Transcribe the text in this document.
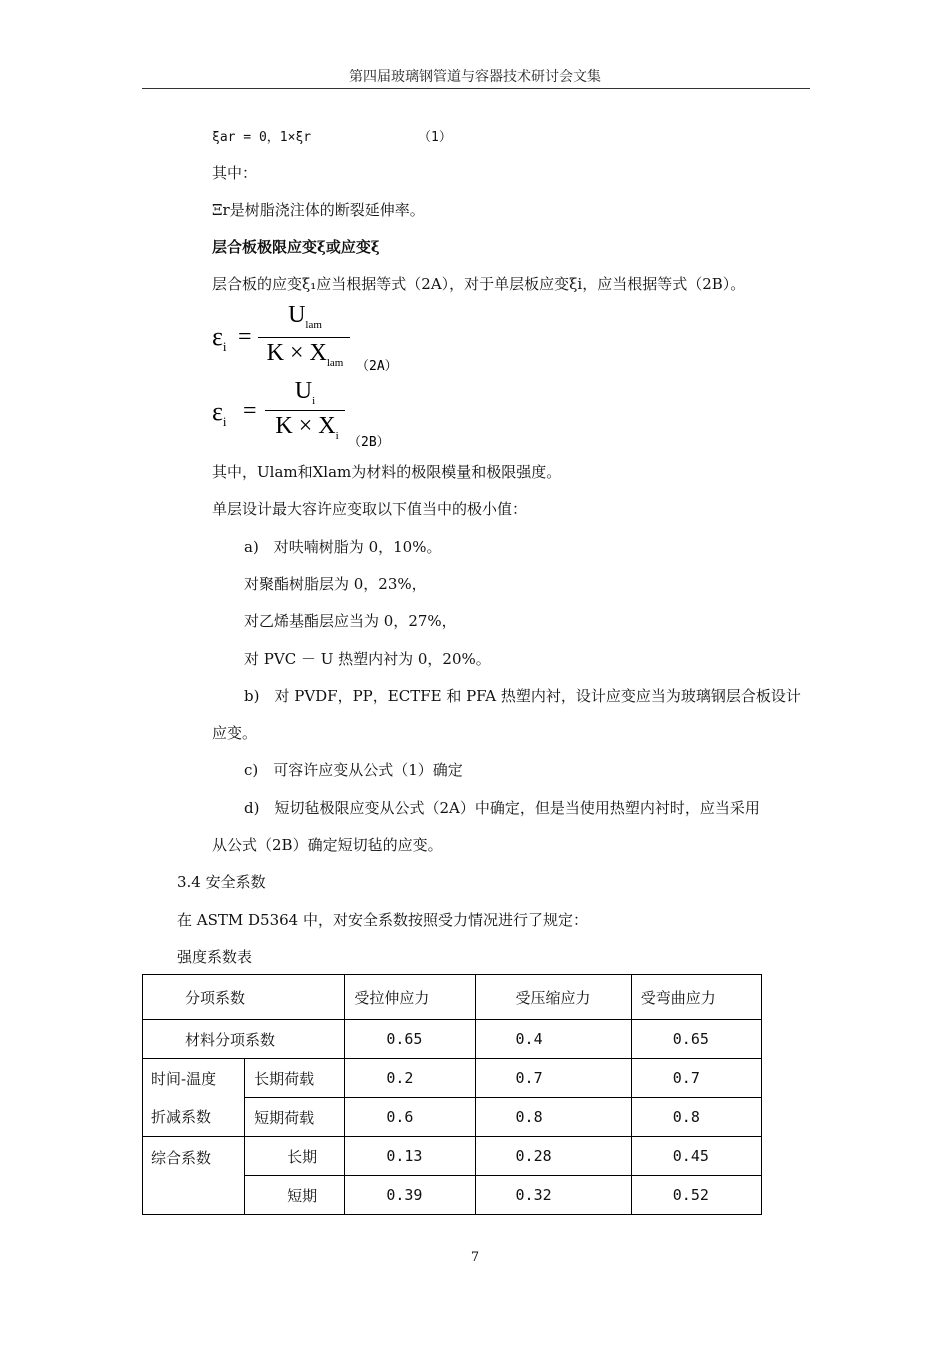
第四届玻璃钢管道与容器技术研讨会文集
ξar = 0，1×ξr	（1）
其中：
Ξr是树脂浇注体的断裂延伸率。
层合板极限应变ξ或应变ξ
层合板的应变ξ₁应当根据等式（2A），对于单层板应变ξi，应当根据等式（2B）。
$\varepsilon_i$ =
$U_{lam}$
$K \times X_{lam}$ （2A）
$\varepsilon_i$ =
$U_i$
$K \times X_i$ （2B）
其中，Ulam和Xlam为材料的极限模量和极限强度。
单层设计最大容许应变取以下值当中的极小值：
a)　对呋喃树脂为 0，10%。
对聚酯树脂层为 0，23%，
对乙烯基酯层应当为 0，27%，
对 PVC － U 热塑内衬为 0，20%。
b)　对 PVDF，PP，ECTFE 和 PFA 热塑内衬，设计应变应当为玻璃钢层合板设计
应变。
c)　可容许应变从公式（1）确定
d)　短切毡极限应变从公式（2A）中确定，但是当使用热塑内衬时，应当采用
从公式（2B）确定短切毡的应变。
3.4 安全系数
在 ASTM D5364 中，对安全系数按照受力情况进行了规定：
强度系数表
分项系数		受拉伸应力	受压缩应力	受弯曲应力
材料分项系数		0.65	0.4	0.65

时间-温度
折减系数	长期荷载	0.2	0.7	0.7
	短期荷载	0.6	0.8	0.8
综合系数	长期	0.13	0.28	0.45
	短期	0.39	0.32	0.52
7
